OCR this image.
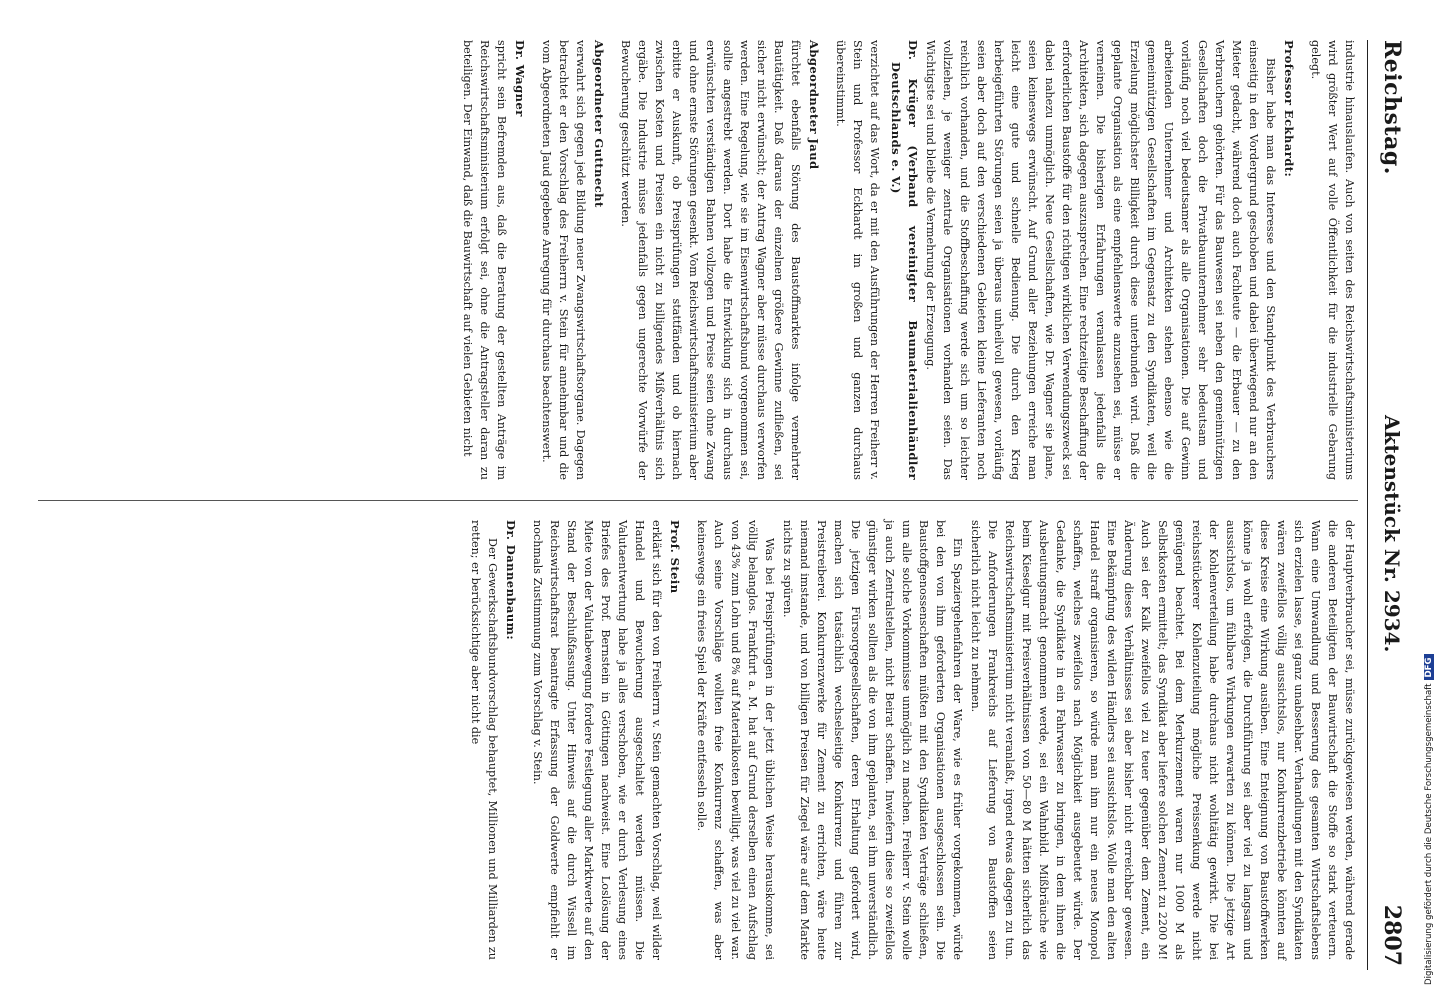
Reichstag.
Aktenstück Nr. 2934.
2807

industrie hinauslaufen. Auch von seiten des Reichswirtschaftsministeriums wird größter Wert auf volle Öffentlichkeit für die industrielle Gebarung gelegt.

Professor Eckhardt:

Bisher habe man das Interesse und den Standpunkt des Verbrauchers einseitig in den Vordergrund geschoben und dabei überwiegend nur an den Mieter gedacht, während doch auch Fachleute — die Erbauer — zu den Verbrauchern gehörten. Für das Bauwesen sei neben den gemeinnützigen Gesellschaften doch die Privatbauunternehmer sehr bedeutsam und vorläufig noch viel bedeutsamer als alle Organisationen. Die auf Gewinn arbeitenden Unternehmer und Architekten stehen ebenso wie die gemeinnützigen Gesellschaften im Gegensatz zu den Syndikaten, weil die Erzielung möglichster Billigkeit durch diese unterbunden wird. Daß die geplante Organisation als eine empfehlenswerte anzusehen sei, müsse er verneinen. Die bisherigen Erfahrungen veranlassen jedenfalls die Architekten, sich dagegen auszusprechen. Eine rechtzeitige Beschaffung der erforderlichen Baustoffe für den richtigen wirklichen Verwendungszweck sei dabei nahezu unmöglich. Neue Gesellschaften, wie Dr. Wagner sie plane, seien keineswegs erwünscht. Auf Grund aller Beziehungen erreiche man leicht eine gute und schnelle Bedienung. Die durch den Krieg herbeigeführten Störungen seien ja überaus unheilvoll gewesen, vorläufig seien aber doch auf den verschiedenen Gebieten kleine Lieferanten noch reichlich vorhanden, und die Stoffbeschaffung werde sich um so leichter vollziehen, je weniger zentrale Organisationen vorhanden seien. Das Wichtigste sei und bleibe die Vermehrung der Erzeugung.

Dr. Krüger (Verband vereinigter Baumaterialienhändler Deutschlands e. V.)

verzichtet auf das Wort, da er mit den Ausführungen der Herren Freiherr v. Stein und Professor Eckhardt im großen und ganzen durchaus übereinstimmt.

Abgeordneter Jaud

fürchtet ebenfalls Störung des Baustoffmarktes infolge vermehrter Bautätigkeit. Daß daraus der einzelnen größere Gewinne zufließen, sei sicher nicht erwünscht; der Antrag Wagner aber müsse durchaus verworfen werden. Eine Regelung, wie sie im Eisenwirtschaftsbund vorgenommen sei, sollte angestrebt werden. Dort habe die Entwicklung sich in durchaus erwünschten verständigen Bahnen vollzogen und Preise seien ohne Zwang und ohne ernste Störungen gesenkt. Vom Reichswirtschaftsministerium aber erbitte er Auskunft, ob Preisprüfungen stattfänden und ob hiernach zwischen Kosten und Preisen ein nicht zu billigendes Mißverhältnis sich ergäbe. Die Industrie müsse jedenfalls gegen ungerechte Vorwürfe der Bewucherung geschützt werden.

Abgeordneter Guttnecht

verwahrt sich gegen jede Bildung neuer Zwangswirtschaftsorgane. Dagegen betrachtet er den Vorschlag des Freiherrn v. Stein für annehmbar und die vom Abgeordneten Jaud gegebene Anregung für durchaus beachtenswert.

Dr. Wagner

spricht sein Befremden aus, daß die Beratung der gestellten Anträge im Reichswirtschaftsministerium erfolgt sei, ohne die Antragsteller daran zu beteiligen. Der Einwand, daß die Bauwirtschaft auf vielen Gebieten nicht

der Hauptverbraucher sei, müsse zurückgewiesen werden, während gerade die anderen Beteiligten der Bauwirtschaft die Stoffe so stark verteuern. Wann eine Umwandlung und Besserung des gesamten Wirtschaftslebens sich erzielen lasse, sei ganz unabsehbar. Verhandlungen mit den Syndikaten wären zweifellos völlig aussichtslos, nur Konkurrenzbetriebe könnten auf diese Kreise eine Wirkung ausüben. Eine Enteignung von Baustoffwerken könne ja wohl erfolgen, die Durchführung sei aber viel zu langsam und aussichtslos, um fühlbare Wirkungen erwarten zu können. Die jetzige Art der Kohlenverteilung habe durchaus nicht wohltätig gewirkt. Die bei reichsstückerer Kohlenzuteilung mögliche Preissenkung werde nicht genügend beachtet. Bei dem Merkurzement waren nur 1000 M als Selbstkosten ermittelt; das Syndikat aber liefere solchen Zement zu 2200 M! Auch sei der Kalk zweifellos viel zu teuer gegenüber dem Zement, ein Änderung dieses Verhältnisses sei aber bisher nicht erreichbar gewesen. Eine Bekämpfung des wilden Händlers sei aussichtslos. Wolle man den alten Handel straff organisieren, so würde man ihm nur ein neues Monopol schaffen, welches zweifellos nach Möglichkeit ausgebeutet würde. Der Gedanke, die Syndikate in ein Fahrwasser zu bringen, in dem ihnen die Ausbeutungsmacht genommen werde, sei ein Wahnbild. Mißbräuche wie beim Kieselgur mit Preisverhältnissen von 50—80 M hätten sicherlich das Reichswirtschaftsministerium nicht veranlaßt, irgend etwas dagegen zu tun. Die Anforderungen Frankreichs auf Lieferung von Baustoffen seien sicherlich nicht leicht zu nehmen.

Ein Spaziergehenfahren der Ware, wie es früher vorgekommen, würde bei den von ihm geforderten Organisationen ausgeschlossen sein. Die Baustoffgenossenschaften müßten mit den Syndikaten Verträge schließen, um alle solche Vorkommnisse unmöglich zu machen. Freiherr v. Stein wolle ja auch Zentralstellen, nicht Beirat schaffen. Inwiefern diese so zweifellos günstiger wirken sollten als die von ihm geplanten, sei ihm unverständlich. Die jetzigen Fürsorgegesellschaften, deren Erhaltung gefordert wird, machen sich tatsächlich wechselseitige Konkurrenz und führen zur Preistreiberei. Konkurrenzwerke für Zement zu errichten, wäre heute niemand imstande, und von billigen Preisen für Ziegel wäre auf dem Markte nichts zu spüren.

Was bei Preisprüfungen in der jetzt üblichen Weise herauskomme, sei völlig belanglos. Frankfurt a. M. hat auf Grund derselben einen Aufschlag von 43% zum Lohn und 8% auf Materialkosten bewilligt, was viel zu viel war. Auch seine Vorschläge wollten freie Konkurrenz schaffen, was aber keineswegs ein freies Spiel der Kräfte entfesseln solle.

Prof. Stein

erklärt sich für den von Freiherrn v. Stein gemachten Vorschlag, weil wilder Handel und Bewucherung ausgeschaltet werden müssen. Die Valutaentwertung habe ja alles verschoben, wie er durch Verlesung eines Briefes des Prof. Bernstein in Göttingen nachweist. Eine Loslösung der Miete von der Valutabewegung fordere Festlegung aller Marktwerte auf den Stand der Beschlußfassung. Unter Hinweis auf die durch Wissell im Reichswirtschaftsrat beantragte Erfassung der Goldwerte empfiehlt er nochmals Zustimmung zum Vorschlag v. Stein.

Dr. Dannenbaum:

Der Gewerkschaftsbundvorschlag behauptet, Millionen und Milliarden zu retten; er berücksichtige aber nicht die

Digitalisierung gefördert durch die Deutsche ForschungsgemeinschaftDFG
